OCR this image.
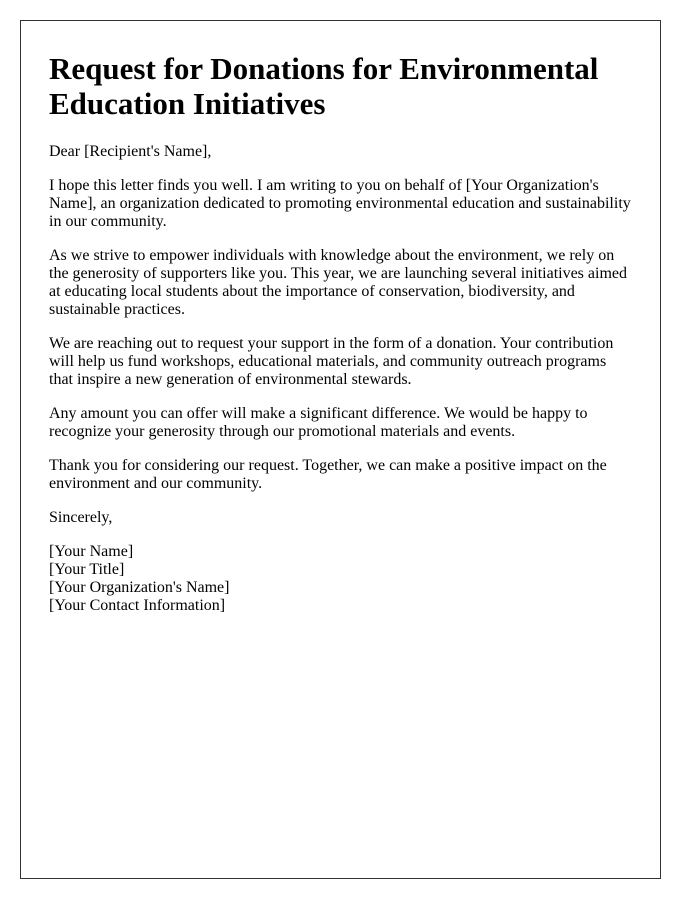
Request for Donations for Environmental Education Initiatives

Dear [Recipient's Name],

I hope this letter finds you well. I am writing to you on behalf of [Your Organization's Name], an organization dedicated to promoting environmental education and sustainability in our community.

As we strive to empower individuals with knowledge about the environment, we rely on the generosity of supporters like you. This year, we are launching several initiatives aimed at educating local students about the importance of conservation, biodiversity, and sustainable practices.

We are reaching out to request your support in the form of a donation. Your contribution will help us fund workshops, educational materials, and community outreach programs that inspire a new generation of environmental stewards.

Any amount you can offer will make a significant difference. We would be happy to recognize your generosity through our promotional materials and events.

Thank you for considering our request. Together, we can make a positive impact on the environment and our community.

Sincerely,

[Your Name]
[Your Title]
[Your Organization's Name]
[Your Contact Information]
